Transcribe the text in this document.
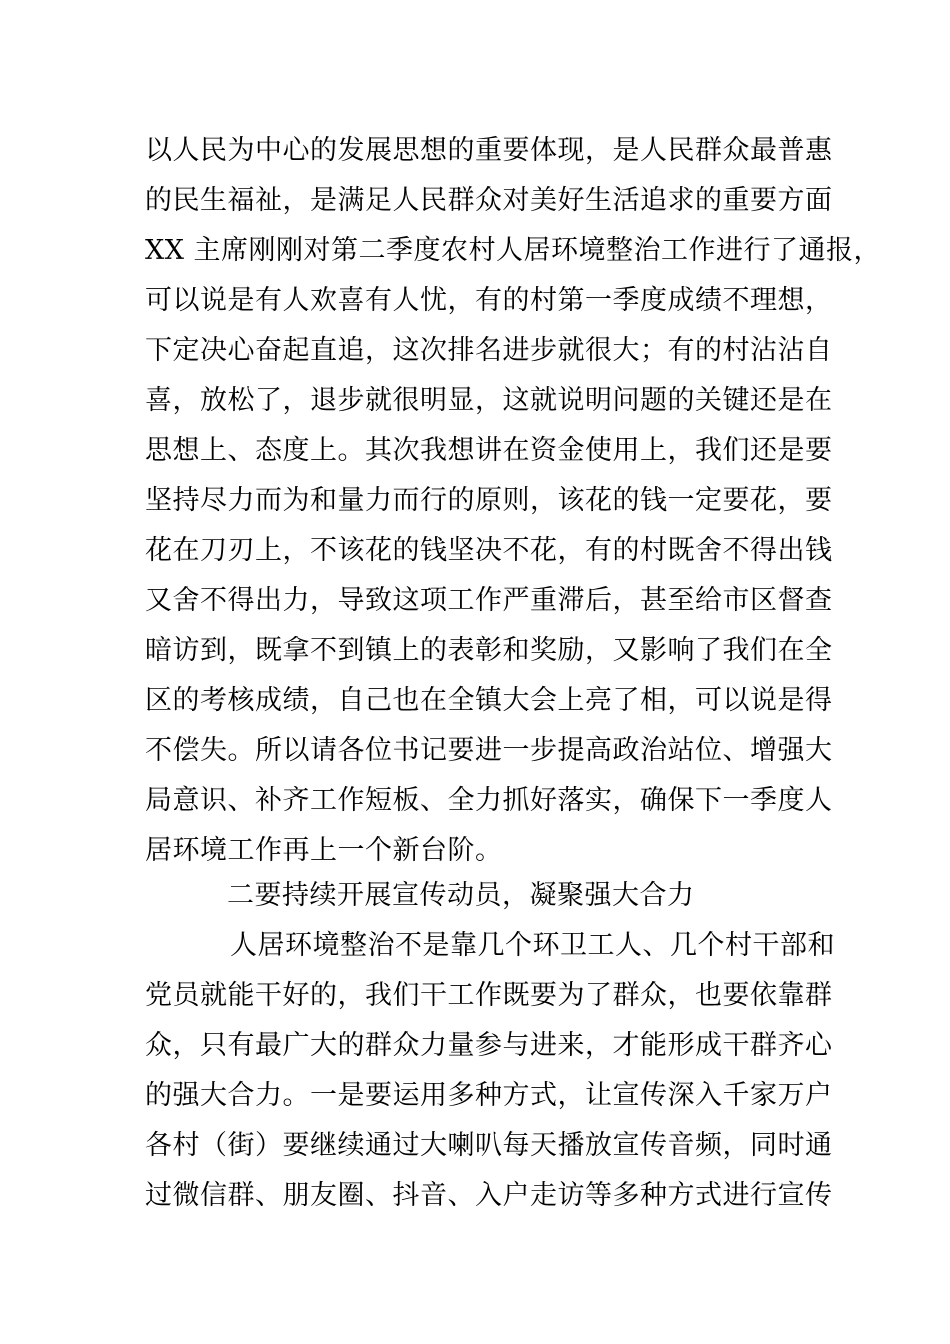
以人民为中心的发展思想的重要体现，是人民群众最普惠
的民生福祉，是满足人民群众对美好生活追求的重要方面
XX 主席刚刚对第二季度农村人居环境整治工作进行了通报，
可以说是有人欢喜有人忧，有的村第一季度成绩不理想，
下定决心奋起直追，这次排名进步就很大；有的村沾沾自
喜，放松了，退步就很明显，这就说明问题的关键还是在
思想上、态度上。其次我想讲在资金使用上，我们还是要
坚持尽力而为和量力而行的原则，该花的钱一定要花，要
花在刀刃上，不该花的钱坚决不花，有的村既舍不得出钱
又舍不得出力，导致这项工作严重滞后，甚至给市区督查
暗访到，既拿不到镇上的表彰和奖励，又影响了我们在全
区的考核成绩，自己也在全镇大会上亮了相，可以说是得
不偿失。所以请各位书记要进一步提高政治站位、增强大
局意识、补齐工作短板、全力抓好落实，确保下一季度人
居环境工作再上一个新台阶。
二要持续开展宣传动员，凝聚强大合力
人居环境整治不是靠几个环卫工人、几个村干部和
党员就能干好的，我们干工作既要为了群众，也要依靠群
众，只有最广大的群众力量参与进来，才能形成干群齐心
的强大合力。一是要运用多种方式，让宣传深入千家万户
各村（街）要继续通过大喇叭每天播放宣传音频，同时通
过微信群、朋友圈、抖音、入户走访等多种方式进行宣传
